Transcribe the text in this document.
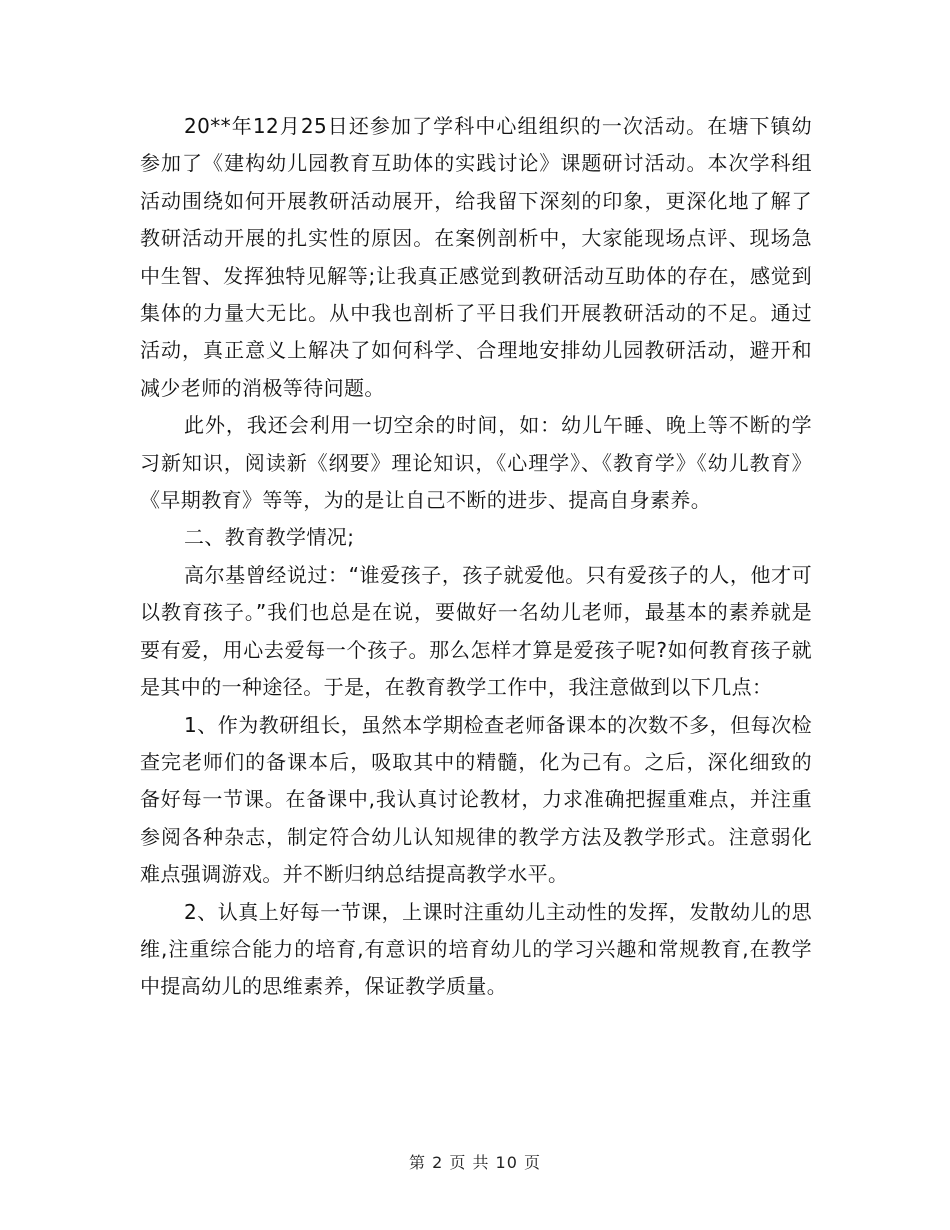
20**年12月25日还参加了学科中心组组织的一次活动。在塘下镇幼参加了《建构幼儿园教育互助体的实践讨论》课题研讨活动。本次学科组活动围绕如何开展教研活动展开，给我留下深刻的印象，更深化地了解了教研活动开展的扎实性的原因。在案例剖析中，大家能现场点评、现场急中生智、发挥独特见解等;让我真正感觉到教研活动互助体的存在，感觉到集体的力量大无比。从中我也剖析了平日我们开展教研活动的不足。通过活动，真正意义上解决了如何科学、合理地安排幼儿园教研活动，避开和减少老师的消极等待问题。

此外，我还会利用一切空余的时间，如：幼儿午睡、晚上等不断的学习新知识，阅读新《纲要》理论知识，《心理学》、《教育学》《幼儿教育》《早期教育》等等，为的是让自己不断的进步、提高自身素养。

二、教育教学情况;

高尔基曾经说过：“谁爱孩子，孩子就爱他。只有爱孩子的人，他才可以教育孩子。”我们也总是在说，要做好一名幼儿老师，最基本的素养就是要有爱，用心去爱每一个孩子。那么怎样才算是爱孩子呢?如何教育孩子就是其中的一种途径。于是，在教育教学工作中，我注意做到以下几点：

1、作为教研组长，虽然本学期检查老师备课本的次数不多，但每次检查完老师们的备课本后，吸取其中的精髓，化为己有。之后，深化细致的备好每一节课。在备课中,我认真讨论教材，力求准确把握重难点，并注重参阅各种杂志，制定符合幼儿认知规律的教学方法及教学形式。注意弱化难点强调游戏。并不断归纳总结提高教学水平。

2、认真上好每一节课，上课时注重幼儿主动性的发挥，发散幼儿的思维,注重综合能力的培育,有意识的培育幼儿的学习兴趣和常规教育,在教学中提高幼儿的思维素养，保证教学质量。

第 2 页 共 10 页
